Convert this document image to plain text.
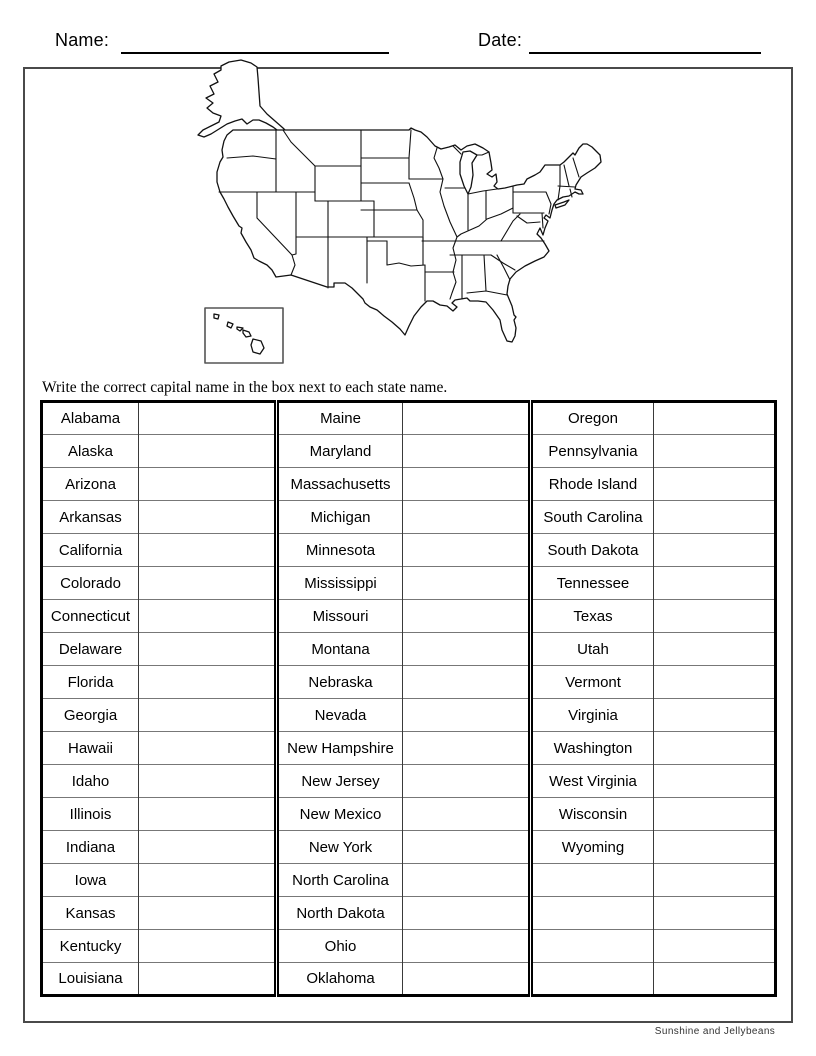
Name:	Date:
Write the correct capital name in the box next to each state name.
Alabama		Maine		Oregon	
Alaska		Maryland		Pennsylvania	
Arizona		Massachusetts		Rhode Island	
Arkansas		Michigan		South Carolina	
California		Minnesota		South Dakota	
Colorado		Mississippi		Tennessee	
Connecticut		Missouri		Texas	
Delaware		Montana		Utah	
Florida		Nebraska		Vermont	
Georgia		Nevada		Virginia	
Hawaii		New Hampshire		Washington	
Idaho		New Jersey		West Virginia	
Illinois		New Mexico		Wisconsin	
Indiana		New York		Wyoming	
Iowa		North Carolina			
Kansas		North Dakota			
Kentucky		Ohio			
Louisiana		Oklahoma			
Sunshine and Jellybeans
